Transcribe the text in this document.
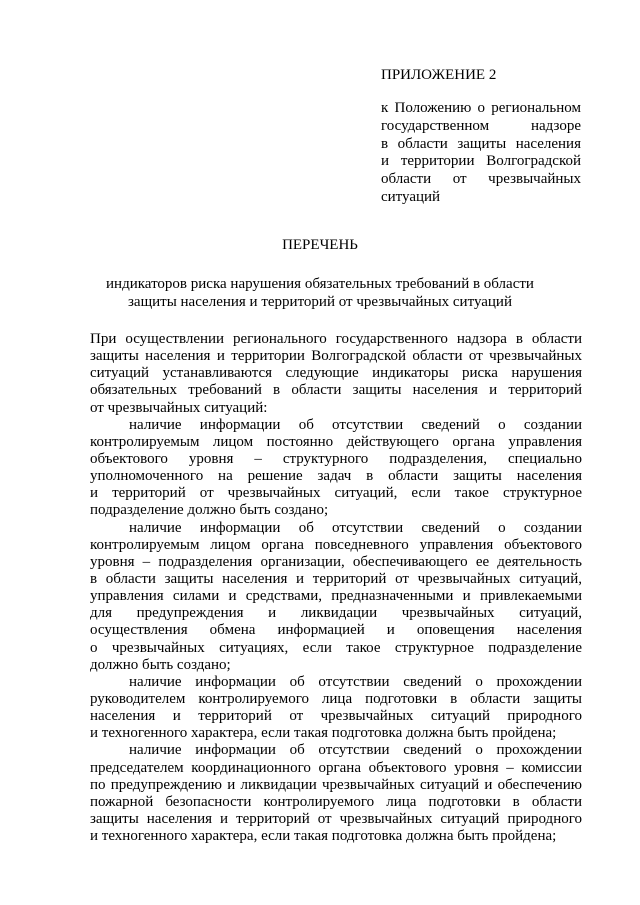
ПРИЛОЖЕНИЕ 2
к Положению о региональном
государственном надзоре
в области защиты населения
и территории Волгоградской
области от чрезвычайных
ситуаций
ПЕРЕЧЕНЬ
индикаторов риска нарушения обязательных требований в области
защиты населения и территорий от чрезвычайных ситуаций
При осуществлении регионального государственного надзора в области
защиты населения и территории Волгоградской области от чрезвычайных
ситуаций устанавливаются следующие индикаторы риска нарушения
обязательных требований в области защиты населения и территорий
от чрезвычайных ситуаций:
наличие информации об отсутствии сведений о создании
контролируемым лицом постоянно действующего органа управления
объектового уровня – структурного подразделения, специально
уполномоченного на решение задач в области защиты населения
и территорий от чрезвычайных ситуаций, если такое структурное
подразделение должно быть создано;
наличие информации об отсутствии сведений о создании
контролируемым лицом органа повседневного управления объектового
уровня – подразделения организации, обеспечивающего ее деятельность
в области защиты населения и территорий от чрезвычайных ситуаций,
управления силами и средствами, предназначенными и привлекаемыми
для предупреждения и ликвидации чрезвычайных ситуаций,
осуществления обмена информацией и оповещения населения
о чрезвычайных ситуациях, если такое структурное подразделение
должно быть создано;
наличие информации об отсутствии сведений о прохождении
руководителем контролируемого лица подготовки в области защиты
населения и территорий от чрезвычайных ситуаций природного
и техногенного характера, если такая подготовка должна быть пройдена;
наличие информации об отсутствии сведений о прохождении
председателем координационного органа объектового уровня – комиссии
по предупреждению и ликвидации чрезвычайных ситуаций и обеспечению
пожарной безопасности контролируемого лица подготовки в области
защиты населения и территорий от чрезвычайных ситуаций природного
и техногенного характера, если такая подготовка должна быть пройдена;
